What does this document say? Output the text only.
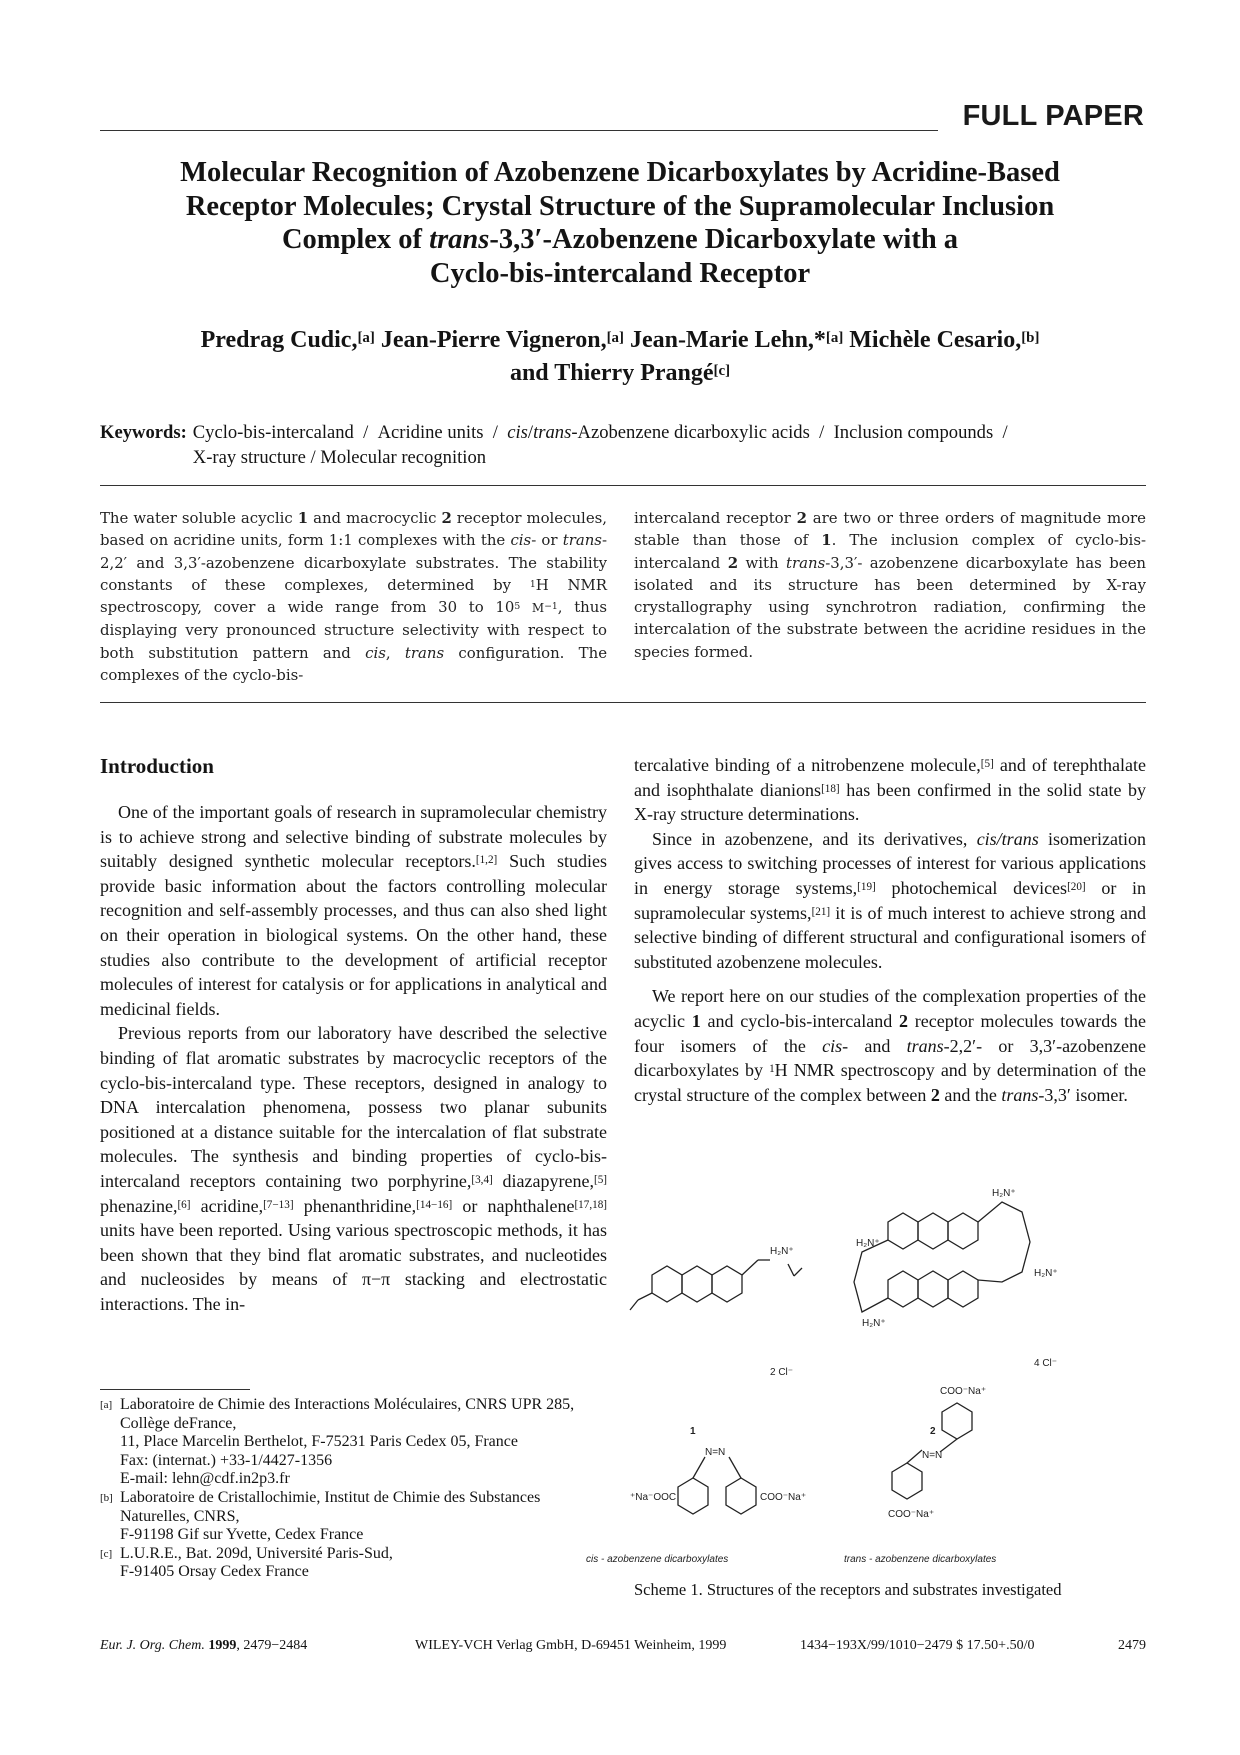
FULL PAPER
Molecular Recognition of Azobenzene Dicarboxylates by Acridine-Based
Receptor Molecules; Crystal Structure of the Supramolecular Inclusion
Complex of trans-3,3′-Azobenzene Dicarboxylate with a
Cyclo-bis-intercaland Receptor
Predrag Cudic,[a] Jean-Pierre Vigneron,[a] Jean-Marie Lehn,*[a] Michèle Cesario,[b]
and Thierry Prangé[c]
Keywords: Cyclo-bis-intercaland  /  Acridine units  /  cis/trans-Azobenzene dicarboxylic acids  /  Inclusion compounds  /
X-ray structure / Molecular recognition
The water soluble acyclic 1 and macrocyclic 2 receptor molecules, based on acridine units, form 1:1 complexes with the cis- or trans-2,2′ and 3,3′-azobenzene dicarboxylate substrates. The stability constants of these complexes, determined by $^1$H NMR spectroscopy, cover a wide range from 30 to $10^5$ $M^{-1}$, thus displaying very pronounced structure selectivity with respect to both substitution pattern and cis, trans configuration. The complexes of the cyclo-bis-
intercaland receptor 2 are two or three orders of magnitude more stable than those of 1. The inclusion complex of cyclo-bis-intercaland 2 with trans-3,3′- azobenzene dicarboxylate has been isolated and its structure has been determined by X-ray crystallography using synchrotron radiation, confirming the intercalation of the substrate between the acridine residues in the species formed.
Introduction

One of the important goals of research in supramolecular chemistry is to achieve strong and selective binding of substrate molecules by suitably designed synthetic molecular receptors.[1,2] Such studies provide basic information about the factors controlling molecular recognition and self-assembly processes, and thus can also shed light on their operation in biological systems. On the other hand, these studies also contribute to the development of artificial receptor molecules of interest for catalysis or for applications in analytical and medicinal fields.

Previous reports from our laboratory have described the selective binding of flat aromatic substrates by macrocyclic receptors of the cyclo-bis-intercaland type. These receptors, designed in analogy to DNA intercalation phenomena, possess two planar subunits positioned at a distance suitable for the intercalation of flat substrate molecules. The synthesis and binding properties of cyclo-bis-intercaland receptors containing two porphyrine,[3,4] diazapyrene,[5] phenazine,[6] acridine,[7−13] phenanthridine,[14−16] or naphthalene[17,18] units have been reported. Using various spectroscopic methods, it has been shown that they bind flat aromatic substrates, and nucleotides and nucleosides by means of π−π stacking and electrostatic interactions. The in-

tercalative binding of a nitrobenzene molecule,[5] and of terephthalate and isophthalate dianions[18] has been confirmed in the solid state by X-ray structure determinations.

Since in azobenzene, and its derivatives, cis/trans isomerization gives access to switching processes of interest for various applications in energy storage systems,[19] photochemical devices[20] or in supramolecular systems,[21] it is of much interest to achieve strong and selective binding of different structural and configurational isomers of substituted azobenzene molecules.

We report here on our studies of the complexation properties of the acyclic 1 and cyclo-bis-intercaland 2 receptor molecules towards the four isomers of the cis- and trans-2,2′- or 3,3′-azobenzene dicarboxylates by $^1$H NMR spectroscopy and by determination of the crystal structure of the complex between 2 and the trans-3,3′ isomer.

H₂N⁺
2 Cl⁻
1
H₂N⁺
H₂N⁺
H₂N⁺
H₂N⁺
4 Cl⁻
2
N=N
⁺Na⁻OOC	COO⁻Na⁺
cis - azobenzene dicarboxylates
N=N
COO⁻Na⁺
COO⁻Na⁺
trans - azobenzene dicarboxylates
Scheme 1. Structures of the receptors and substrates investigated
[a] Laboratoire de Chimie des Interactions Moléculaires, CNRS UPR 285, Collège deFrance,
11, Place Marcelin Berthelot, F-75231 Paris Cedex 05, France
Fax: (internat.) +33-1/4427-1356
E-mail: lehn@cdf.in2p3.fr
[b] Laboratoire de Cristallochimie, Institut de Chimie des Substances Naturelles, CNRS,
F-91198 Gif sur Yvette, Cedex France
[c] L.U.R.E., Bat. 209d, Université Paris-Sud,
F-91405 Orsay Cedex France
Eur. J. Org. Chem. 1999 , 2479−2484	WILEY-VCH Verlag GmbH, D-69451 Weinheim, 1999	1434−193X/99/1010−2479 $ 17.50+.50/0	2479
